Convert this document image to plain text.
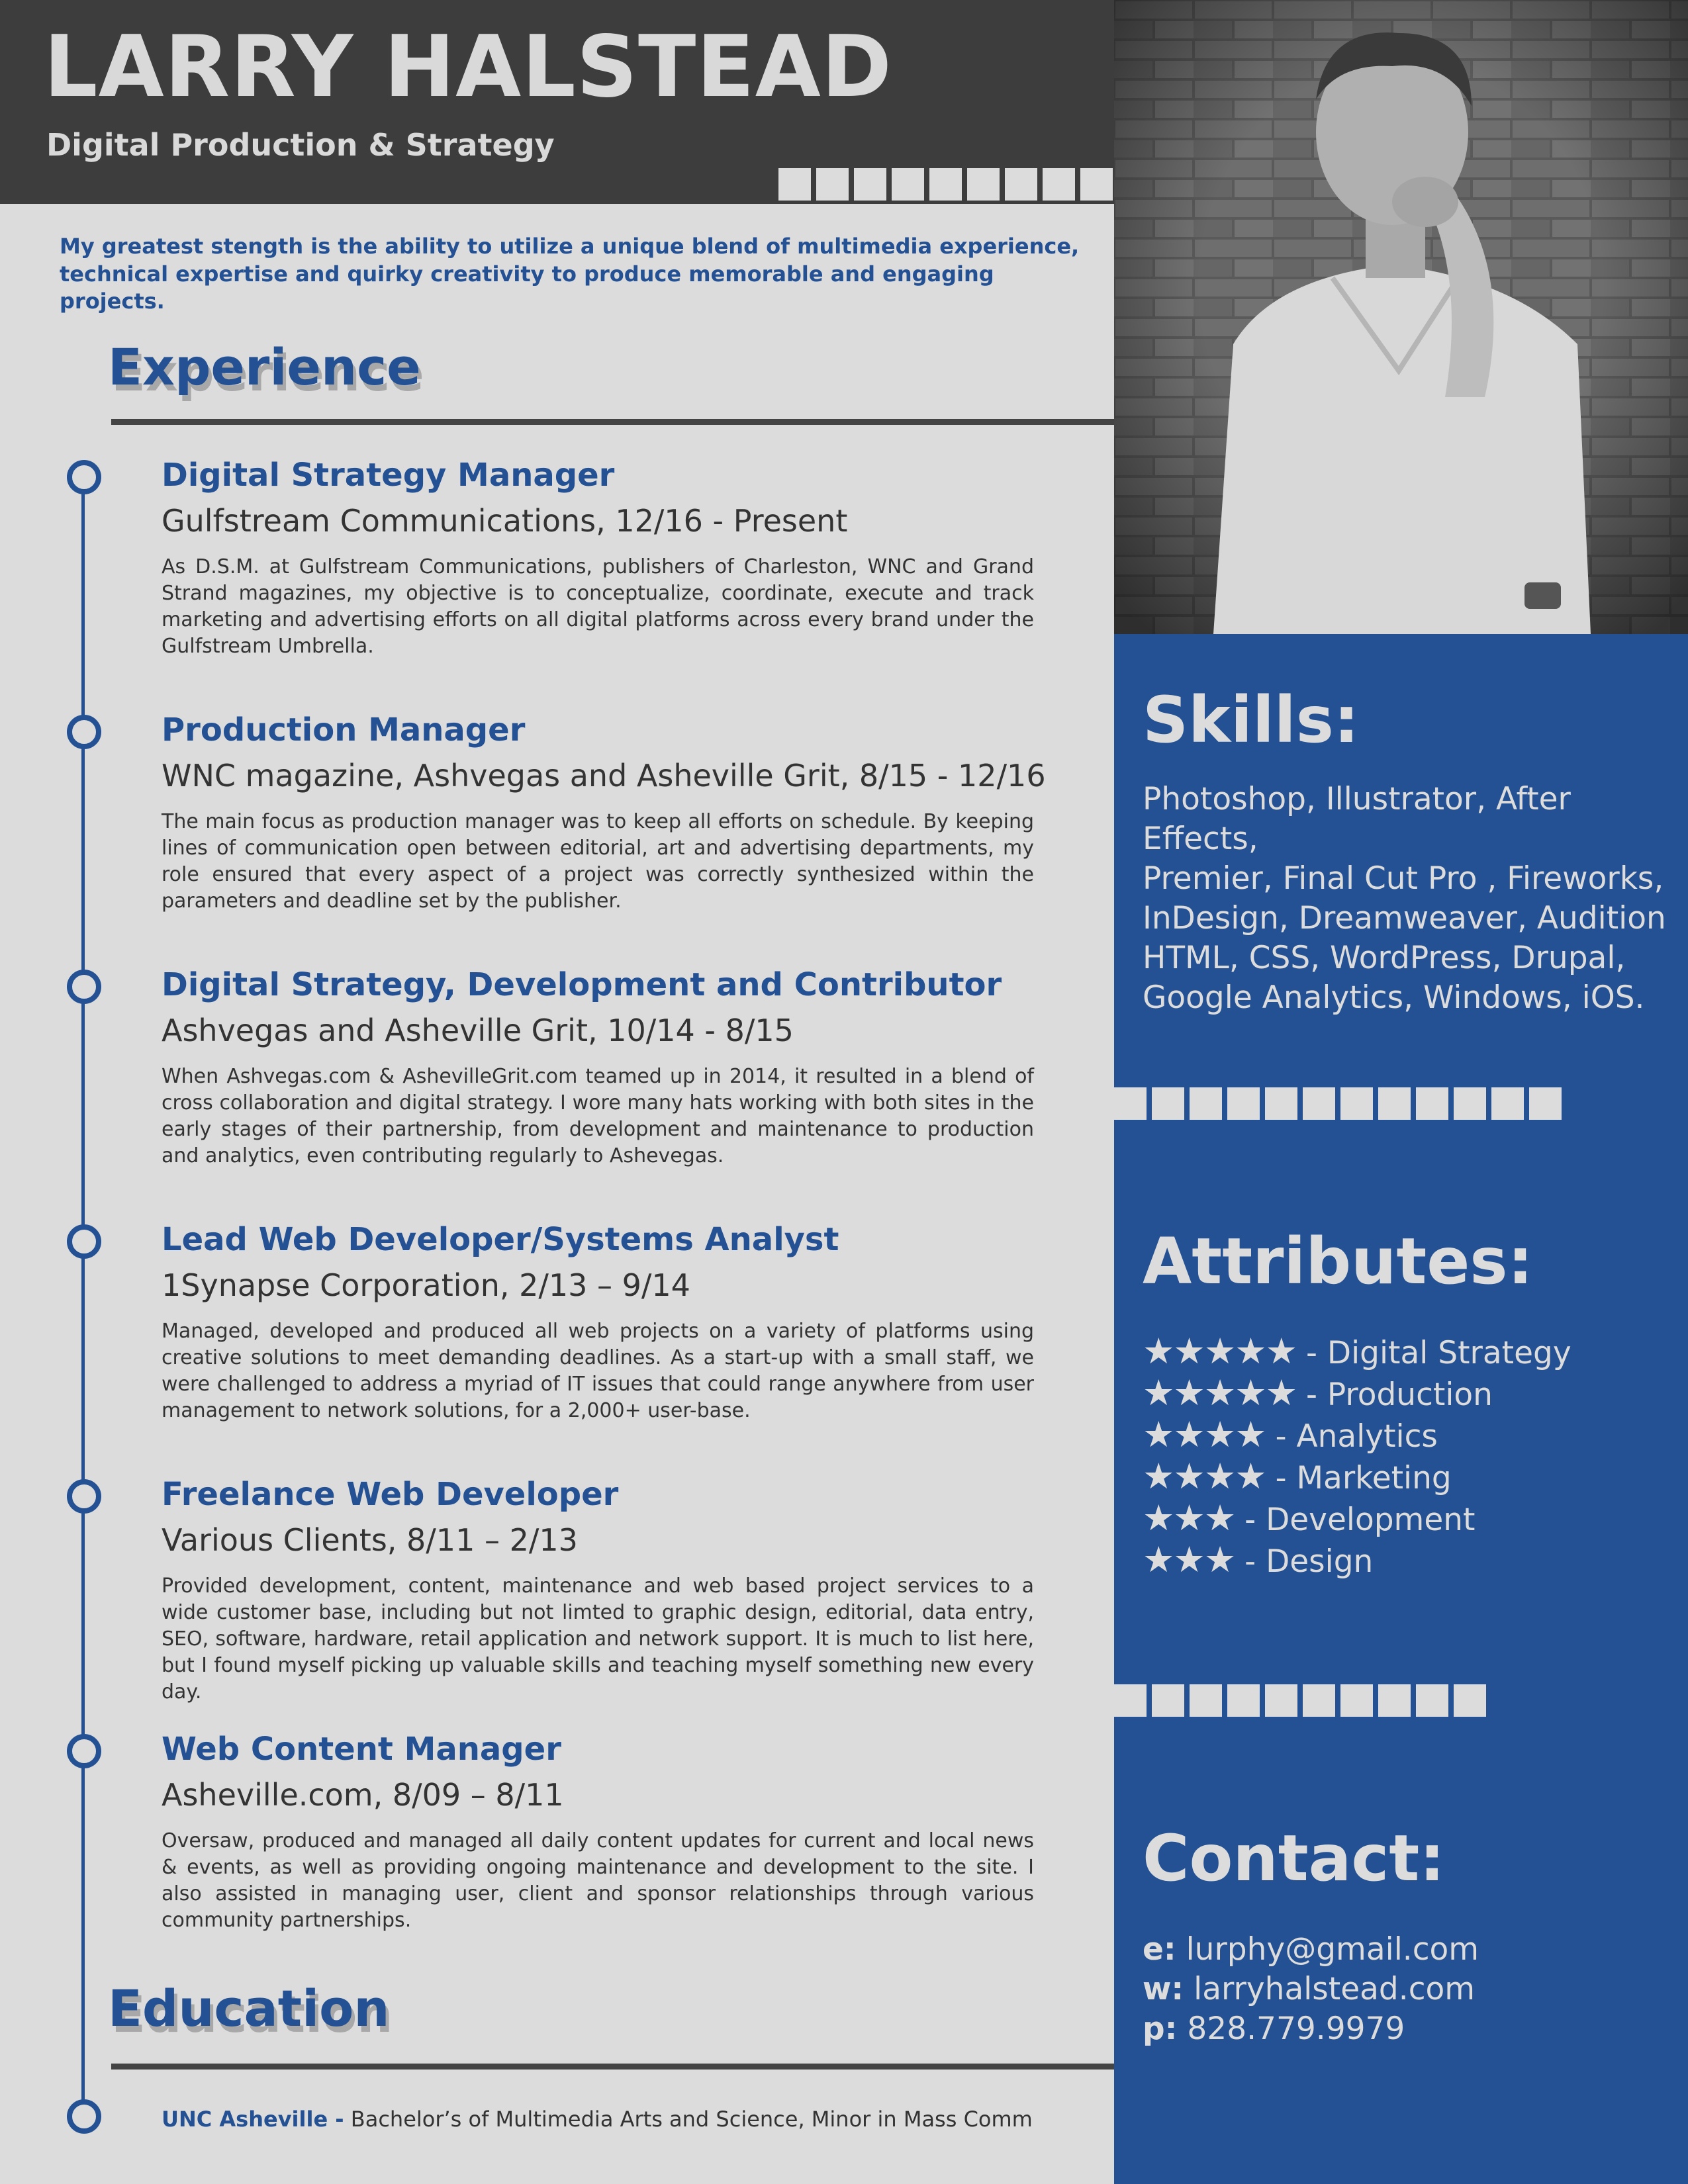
LARRY HALSTEAD

Digital Production & Strategy

My greatest stength is the ability to utilize a unique blend of multimedia experience, technical expertise and quirky creativity to produce memorable and engaging projects.

Experience
Digital Strategy Manager

Gulfstream Communications, 12/16 - Present

As D.S.M. at Gulfstream Communications, publishers of Charleston, WNC and Grand Strand magazines, my objective is to conceptualize, coordinate, execute and track marketing and advertising efforts on all digital platforms across every brand under the Gulfstream Umbrella.

Production Manager

WNC magazine, Ashvegas and Asheville Grit, 8/15 - 12/16

The main focus as production manager was to keep all efforts on schedule. By keeping lines of communication open between editorial, art and advertising departments, my role ensured that every aspect of a project was correctly synthesized within the parameters and deadline set by the publisher.

Digital Strategy, Development and Contributor

Ashvegas and Asheville Grit, 10/14 - 8/15

When Ashvegas.com & AshevilleGrit.com teamed up in 2014, it resulted in a blend of cross collaboration and digital strategy. I wore many hats working with both sites in the early stages of their partnership, from development and maintenance to production and analytics, even contributing regularly to Ashevegas.

Lead Web Developer/Systems Analyst

1Synapse Corporation, 2/13 – 9/14

Managed, developed and produced all web projects on a variety of platforms using creative solutions to meet demanding deadlines. As a start-up with a small staff, we were challenged to address a myriad of IT issues that could range anywhere from user management to network solutions, for a 2,000+ user-base.

Freelance Web Developer

Various Clients, 8/11 – 2/13

Provided development, content, maintenance and web based project services to a wide customer base, including but not limted to graphic design, editorial, data entry, SEO, software, hardware, retail application and network support. It is much to list here, but I found myself picking up valuable skills and teaching myself something new every day.

Web Content Manager

Asheville.com, 8/09 – 8/11

Oversaw, produced and managed all daily content updates for current and local news & events, as well as providing ongoing maintenance and development to the site. I also assisted in managing user, client and sponsor relationships through various community partnerships.

Education
UNC Asheville - Bachelor’s of Multimedia Arts and Science, Minor in Mass Comm
Skills:
Photoshop, Illustrator, After Effects,
Premier, Final Cut Pro , Fireworks,
InDesign, Dreamweaver, Audition
HTML, CSS, WordPress, Drupal,
Google Analytics, Windows, iOS.
Attributes:
★★★★★ - Digital Strategy
★★★★★ - Production
★★★★ - Analytics
★★★★ - Marketing
★★★ - Development
★★★ - Design
Contact:
e: lurphy@gmail.com
w: larryhalstead.com
p: 828.779.9979
